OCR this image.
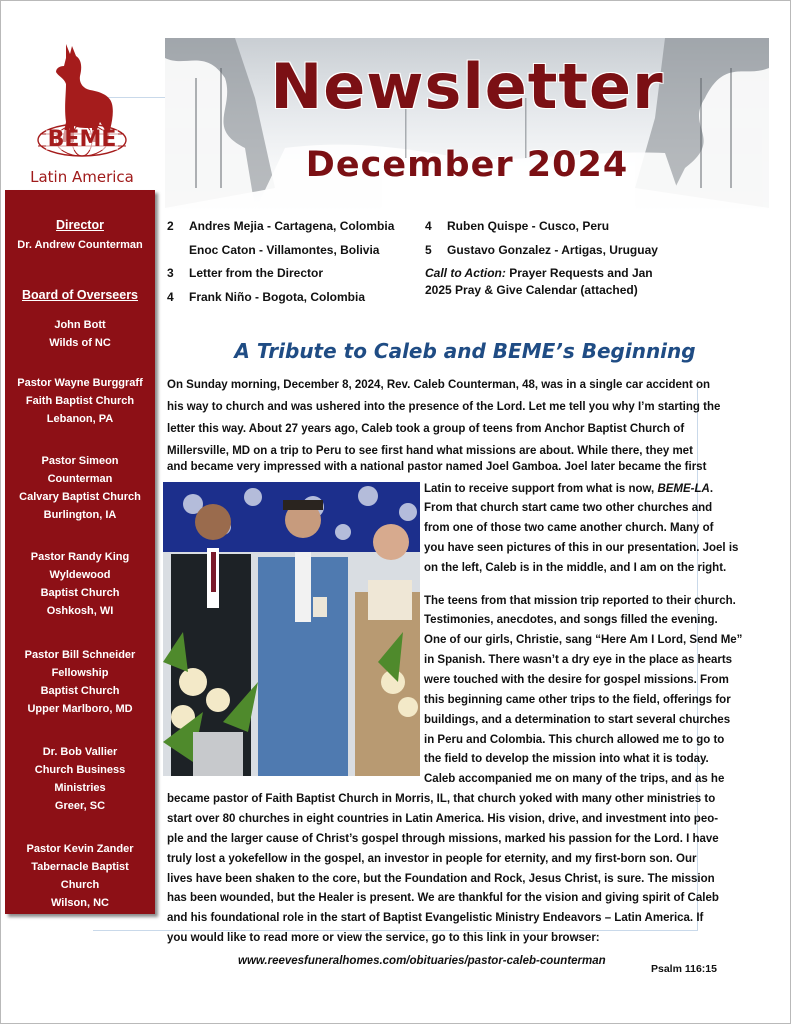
BEME
Latin America
Newsletter
December 2024
Director
Dr. Andrew Counterman
Board of Overseers
John Bott
Wilds of NC
Pastor Wayne Burggraff
Faith Baptist Church
Lebanon, PA
Pastor Simeon
Counterman
Calvary Baptist Church
Burlington, IA
Pastor Randy King
Wyldewood
Baptist Church
Oshkosh, WI
Pastor Bill Schneider
Fellowship
Baptist Church
Upper Marlboro, MD
Dr. Bob Vallier
Church Business
Ministries
Greer, SC
Pastor Kevin Zander
Tabernacle Baptist
Church
Wilson, NC
2 Andres Mejia - Cartagena, Colombia
Enoc Caton - Villamontes, Bolivia
3 Letter from the Director
4 Frank Niño - Bogota, Colombia
4 Ruben Quispe - Cusco, Peru
5 Gustavo Gonzalez - Artigas, Uruguay
Call to Action: Prayer Requests and Jan
2025 Pray & Give Calendar (attached)
A Tribute to Caleb and BEME’s Beginning
On Sunday morning, December 8, 2024, Rev. Caleb Counterman, 48, was in a single car accident on
his way to church and was ushered into the presence of the Lord. Let me tell you why I’m starting the
letter this way. About 27 years ago, Caleb took a group of teens from Anchor Baptist Church of
Millersville, MD on a trip to Peru to see first hand what missions are about. While there, they met
and became very impressed with a national pastor named Joel Gamboa. Joel later became the first
Latin to receive support from what is now, BEME-LA.
From that church start came two other churches and
from one of those two came another church. Many of
you have seen pictures of this in our presentation. Joel is
on the left, Caleb is in the middle, and I am on the right.
The teens from that mission trip reported to their church.
Testimonies, anecdotes, and songs filled the evening.
One of our girls, Christie, sang “Here Am I Lord, Send Me”
in Spanish. There wasn’t a dry eye in the place as hearts
were touched with the desire for gospel missions. From
this beginning came other trips to the field, offerings for
buildings, and a determination to start several churches
in Peru and Colombia. This church allowed me to go to
the field to develop the mission into what it is today.
Caleb accompanied me on many of the trips, and as he
became pastor of Faith Baptist Church in Morris, IL, that church yoked with many other ministries to
start over 80 churches in eight countries in Latin America. His vision, drive, and investment into peo-
ple and the larger cause of Christ’s gospel through missions, marked his passion for the Lord. I have
truly lost a yokefellow in the gospel, an investor in people for eternity, and my first-born son. Our
lives have been shaken to the core, but the Foundation and Rock, Jesus Christ, is sure. The mission
has been wounded, but the Healer is present. We are thankful for the vision and giving spirit of Caleb
and his foundational role in the start of Baptist Evangelistic Ministry Endeavors – Latin America. If
you would like to read more or view the service, go to this link in your browser:
www.reevesfuneralhomes.com/obituaries/pastor-caleb-counterman
Psalm 116:15
